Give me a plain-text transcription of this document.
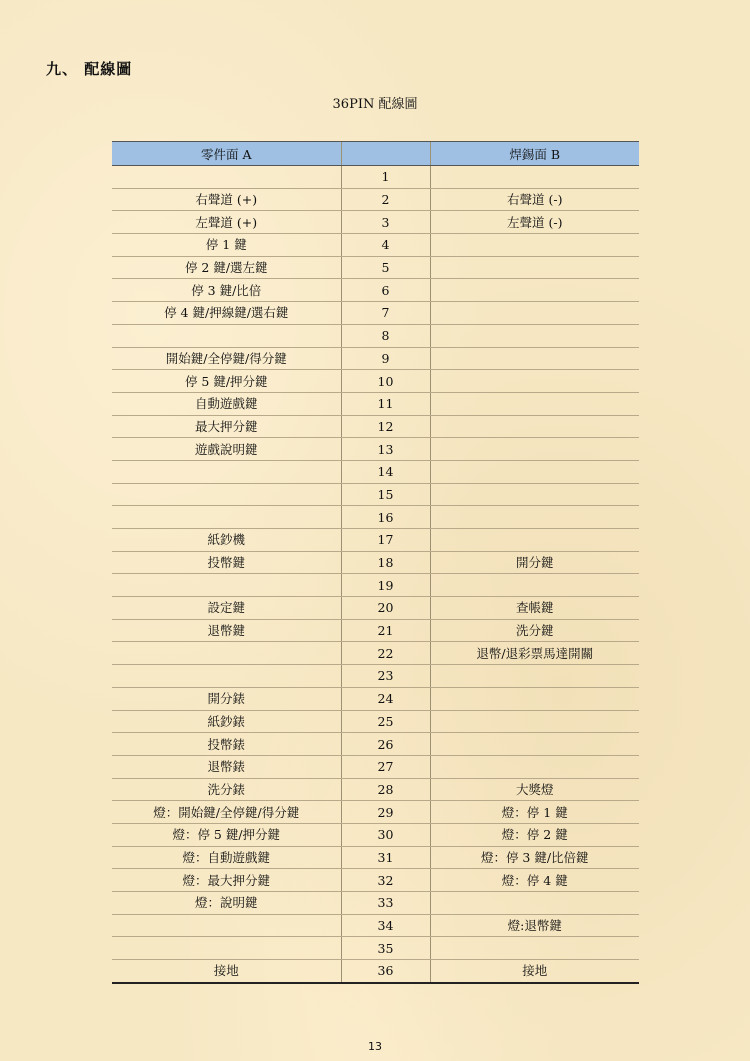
九、 配線圖
36PIN 配線圖
零件面 A		焊錫面 B
	1	
右聲道 (+)	2	右聲道 (-)
左聲道 (+)	3	左聲道 (-)
停 1 鍵	4	
停 2 鍵/選左鍵	5	
停 3 鍵/比倍	6	
停 4 鍵/押線鍵/選右鍵	7	
	8	
開始鍵/全停鍵/得分鍵	9	
停 5 鍵/押分鍵	10	
自動遊戲鍵	11	
最大押分鍵	12	
遊戲說明鍵	13	
	14	
	15	
	16	
紙鈔機	17	
投幣鍵	18	開分鍵
	19	
設定鍵	20	查帳鍵
退幣鍵	21	洗分鍵
	22	退幣/退彩票馬達開關
	23	
開分錶	24	
紙鈔錶	25	
投幣錶	26	
退幣錶	27	
洗分錶	28	大獎燈
燈：開始鍵/全停鍵/得分鍵	29	燈：停 1 鍵
燈：停 5 鍵/押分鍵	30	燈：停 2 鍵
燈：自動遊戲鍵	31	燈：停 3 鍵/比倍鍵
燈：最大押分鍵	32	燈：停 4 鍵
燈：說明鍵	33	
	34	燈:退幣鍵
	35	
接地	36	接地
13
